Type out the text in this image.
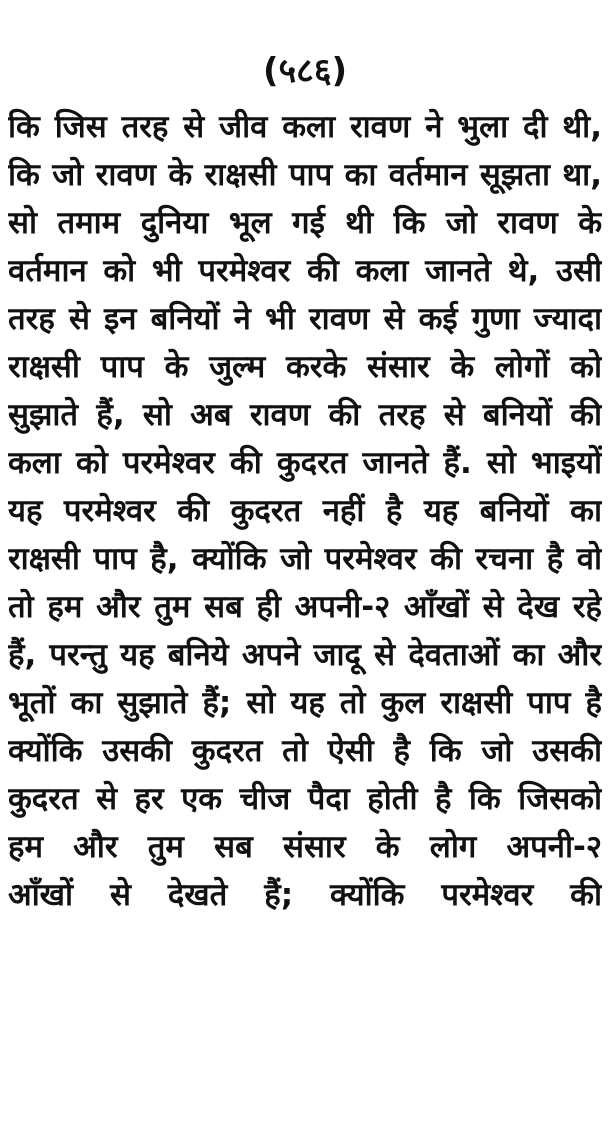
(५८६)
कि जिस तरह से जीव कला रावण ने भुला दी थी,
कि जो रावण के राक्षसी पाप का वर्तमान सूझता था,
सो तमाम दुनिया भूल गई थी कि जो रावण के
वर्तमान को भी परमेश्वर की कला जानते थे, उसी
तरह से इन बनियों ने भी रावण से कई गुणा ज्यादा
राक्षसी पाप के जुल्म करके संसार के लोगों को
सुझाते हैं, सो अब रावण की तरह से बनियों की
कला को परमेश्वर की कुदरत जानते हैं. सो भाइयों
यह परमेश्वर की कुदरत नहीं है यह बनियों का
राक्षसी पाप है, क्योंकि जो परमेश्वर की रचना है वो
तो हम और तुम सब ही अपनी-२ आँखों से देख रहे
हैं, परन्तु यह बनिये अपने जादू से देवताओं का और
भूतों का सुझाते हैं; सो यह तो कुल राक्षसी पाप है
क्योंकि उसकी कुदरत तो ऐसी है कि जो उसकी
कुदरत से हर एक चीज पैदा होती है कि जिसको
हम और तुम सब संसार के लोग अपनी-२
आँखों से देखते हैं; क्योंकि परमेश्वर की
